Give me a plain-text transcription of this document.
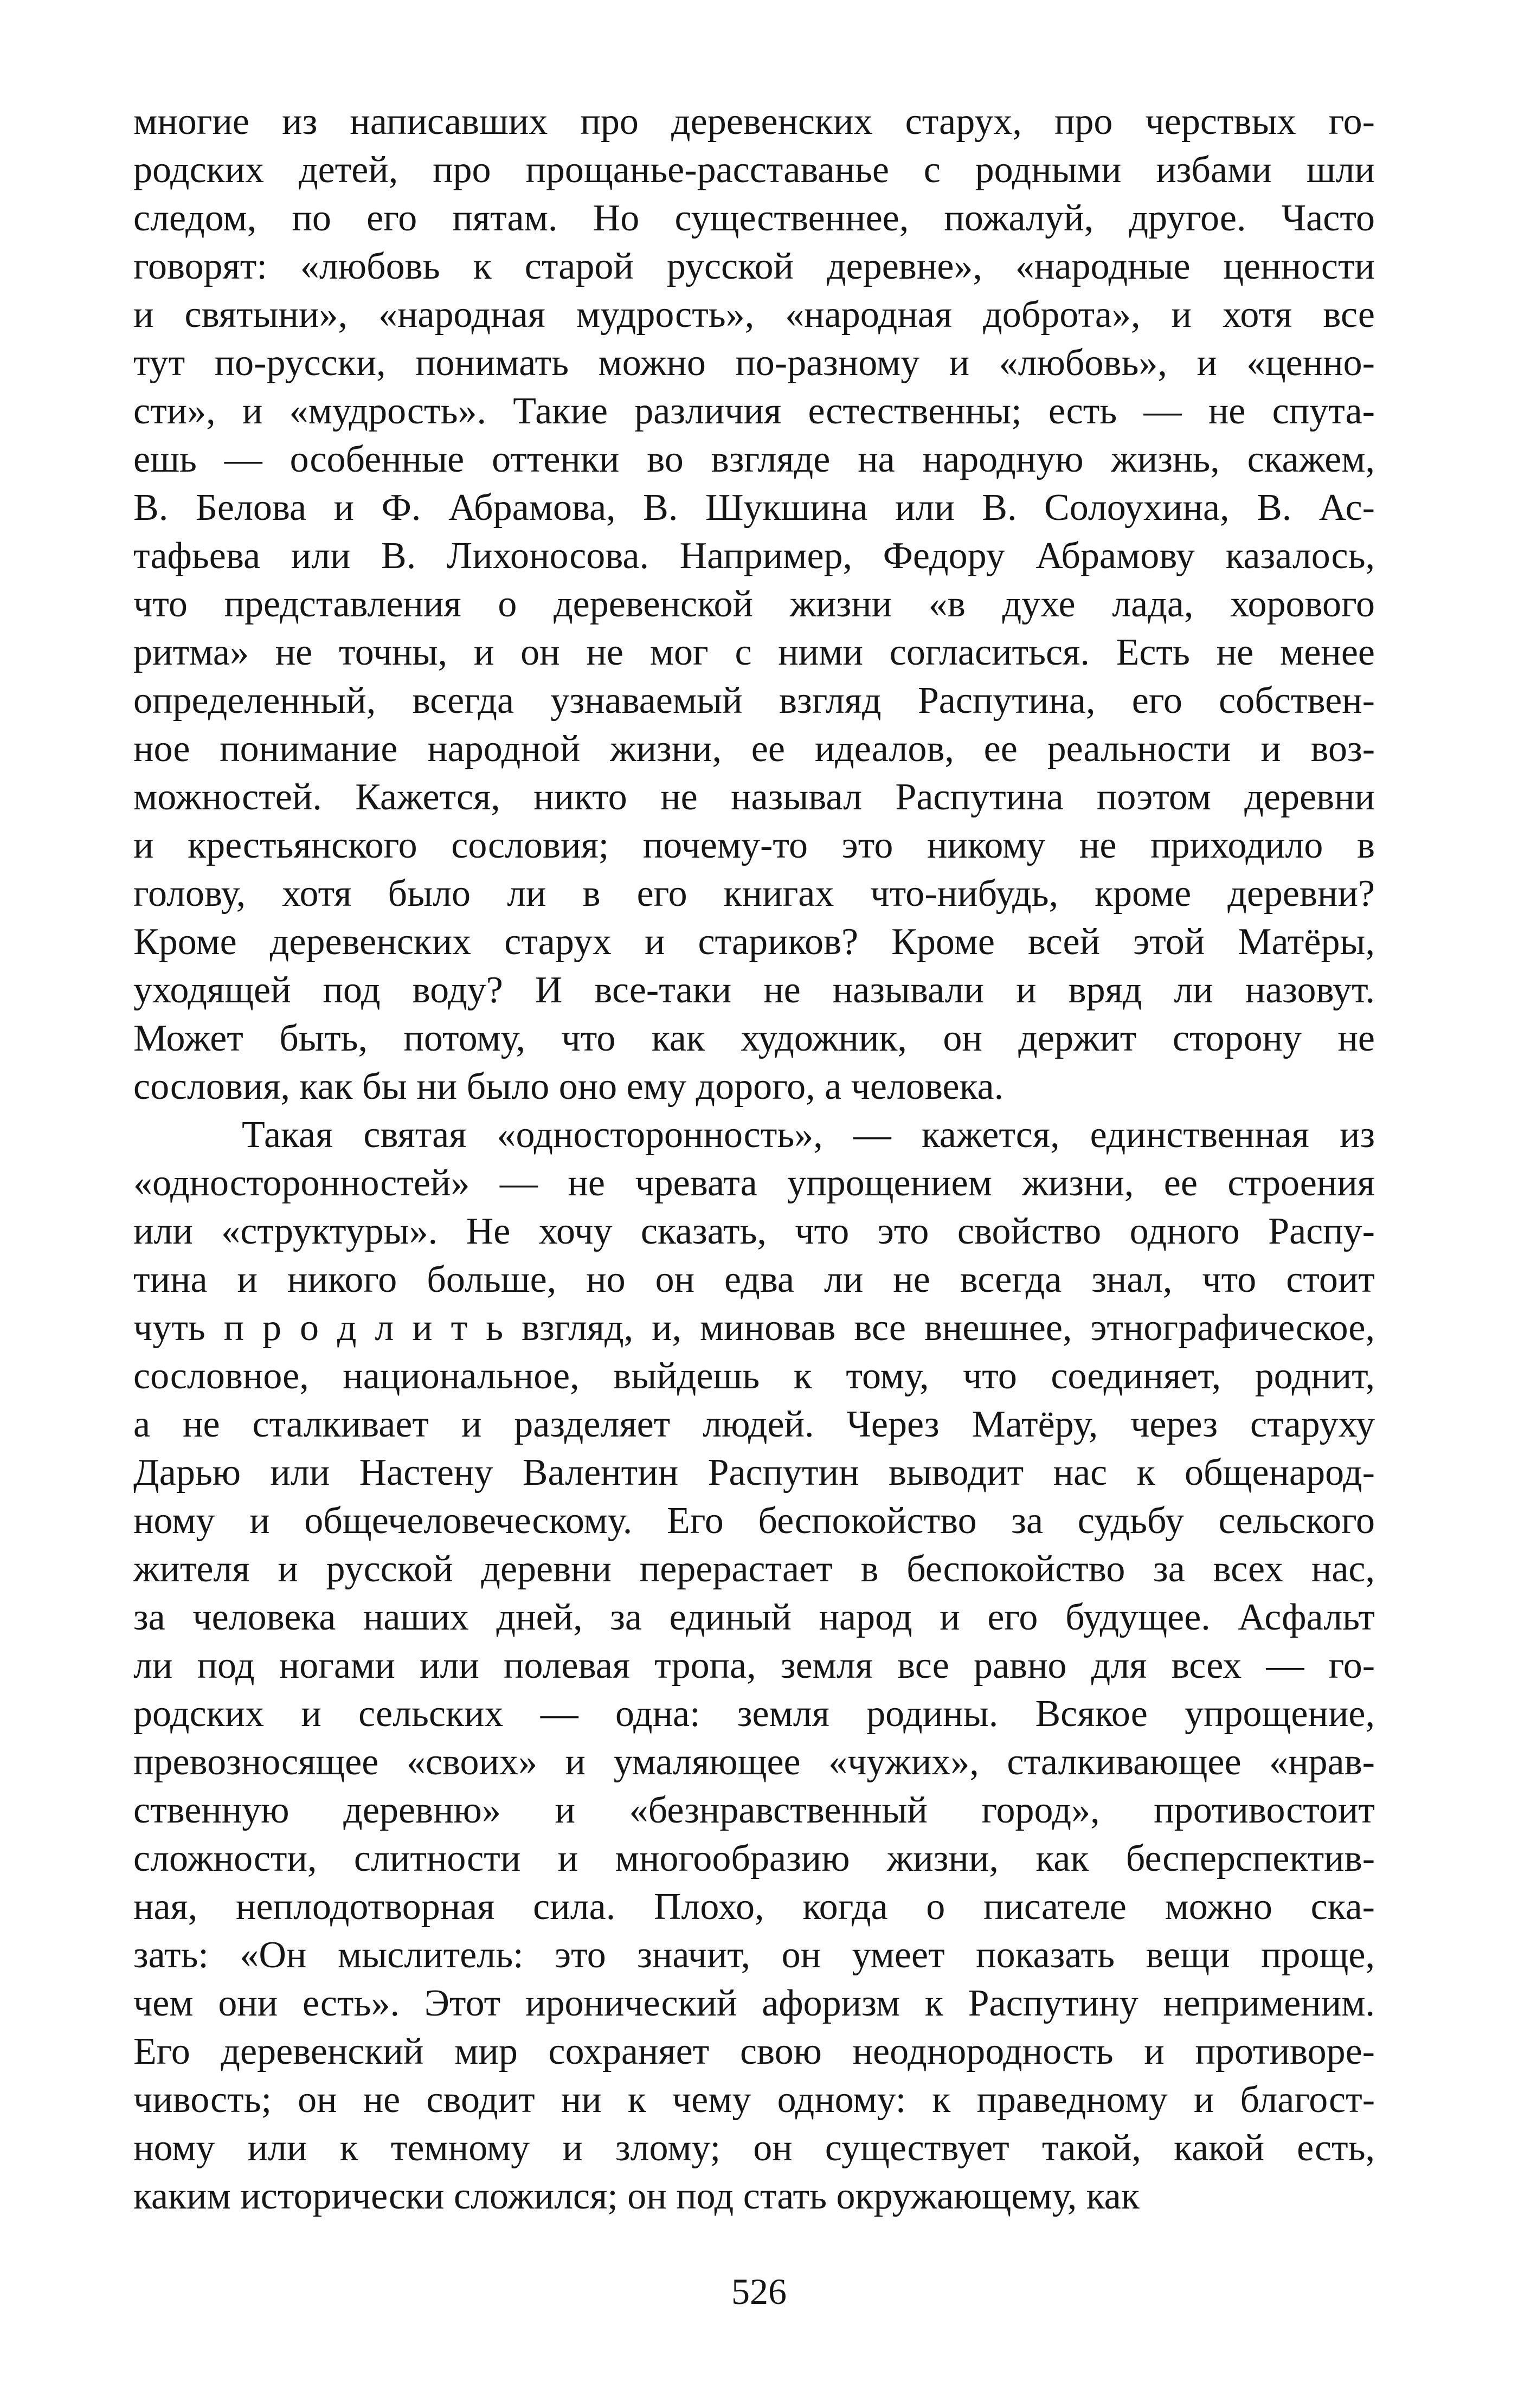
многие из написавших про деревенских старух, про черствых го-
родских детей, про прощанье-расставанье с родными избами шли
следом, по его пятам. Но существеннее, пожалуй, другое. Часто
говорят: «любовь к старой русской деревне», «народные ценности
и святыни», «народная мудрость», «народная доброта», и хотя все
тут по-русски, понимать можно по-разному и «любовь», и «ценно-
сти», и «мудрость». Такие различия естественны; есть — не спута-
ешь — особенные оттенки во взгляде на народную жизнь, скажем,
В. Белова и Ф. Абрамова, В. Шукшина или В. Солоухина, В. Ас-
тафьева или В. Лихоносова. Например, Федору Абрамову казалось,
что представления о деревенской жизни «в духе лада, хорового
ритма» не точны, и он не мог с ними согласиться. Есть не менее
определенный, всегда узнаваемый взгляд Распутина, его собствен-
ное понимание народной жизни, ее идеалов, ее реальности и воз-
можностей. Кажется, никто не называл Распутина поэтом деревни
и крестьянского сословия; почему-то это никому не приходило в
голову, хотя было ли в его книгах что-нибудь, кроме деревни?
Кроме деревенских старух и стариков? Кроме всей этой Матёры,
уходящей под воду? И все-таки не называли и вряд ли назовут.
Может быть, потому, что как художник, он держит сторону не
сословия, как бы ни было оно ему дорого, а человека.
Такая святая «односторонность», — кажется, единственная из
«односторонностей» — не чревата упрощением жизни, ее строения
или «структуры». Не хочу сказать, что это свойство одного Распу-
тина и никого больше, но он едва ли не всегда знал, что стоит
чуть п р о д л и т ь взгляд, и, миновав все внешнее, этнографическое,
сословное, национальное, выйдешь к тому, что соединяет, роднит,
а не сталкивает и разделяет людей. Через Матёру, через старуху
Дарью или Настену Валентин Распутин выводит нас к общенарод-
ному и общечеловеческому. Его беспокойство за судьбу сельского
жителя и русской деревни перерастает в беспокойство за всех нас,
за человека наших дней, за единый народ и его будущее. Асфальт
ли под ногами или полевая тропа, земля все равно для всех — го-
родских и сельских — одна: земля родины. Всякое упрощение,
превозносящее «своих» и умаляющее «чужих», сталкивающее «нрав-
ственную деревню» и «безнравственный город», противостоит
сложности, слитности и многообразию жизни, как бесперспектив-
ная, неплодотворная сила. Плохо, когда о писателе можно ска-
зать: «Он мыслитель: это значит, он умеет показать вещи проще,
чем они есть». Этот иронический афоризм к Распутину неприменим.
Его деревенский мир сохраняет свою неоднородность и противоре-
чивость; он не сводит ни к чему одному: к праведному и благост-
ному или к темному и злому; он существует такой, какой есть,
каким исторически сложился; он под стать окружающему, как
526
